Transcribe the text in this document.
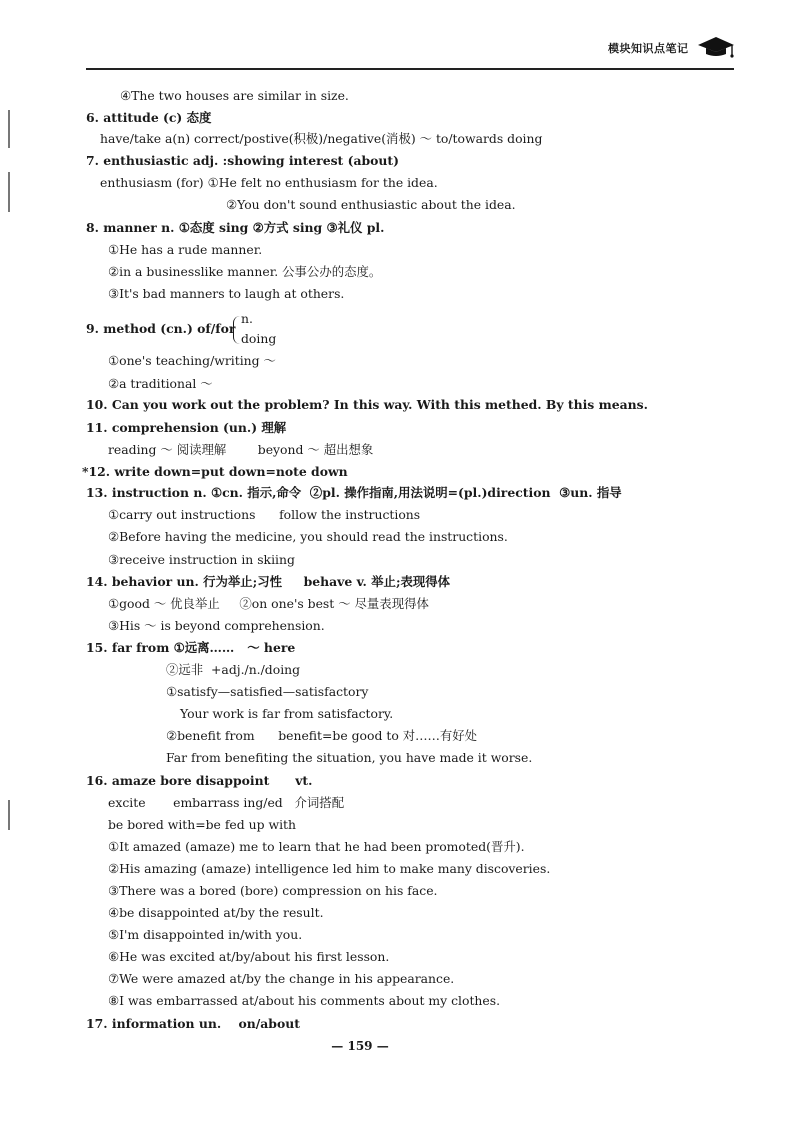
模块知识点笔记
④The two houses are similar in size.
6. attitude (c) 态度
have/take a(n) correct/postive(积极)/negative(消极) ～ to/towards doing
7. enthusiastic adj. :showing interest (about)
enthusiasm (for) ①He felt no enthusiasm for the idea.
②You don't sound enthusiastic about the idea.
8. manner n. ①态度 sing ②方式 sing ③礼仪 pl.
①He has a rude manner.
②in a businesslike manner. 公事公办的态度。
③It's bad manners to laugh at others.
n.
9. method (cn.) of/for
doing
①one's teaching/writing ～
②a traditional ～
10. Can you work out the problem? In this way. With this methed. By this means.
11. comprehension (un.) 理解
reading ～ 阅读理解        beyond ～ 超出想象
*12. write down=put down=note down
13. instruction n. ①cn. 指示,命令  ②pl. 操作指南,用法说明=(pl.)direction  ③un. 指导
①carry out instructions      follow the instructions
②Before having the medicine, you should read the instructions.
③receive instruction in skiing
14. behavior un. 行为举止;习性     behave v. 举止;表现得体
①good ～ 优良举止     ②on one's best ～ 尽量表现得体
③His ～ is beyond comprehension.
15. far from ①远离……   ～ here
②远非  +adj./n./doing
①satisfy—satisfied—satisfactory
Your work is far from satisfactory.
②benefit from      benefit=be good to 对……有好处
Far from benefiting the situation, you have made it worse.
16. amaze bore disappoint      vt.
excite       embarrass ing/ed   介词搭配
be bored with=be fed up with
①It amazed (amaze) me to learn that he had been promoted(晋升).
②His amazing (amaze) intelligence led him to make many discoveries.
③There was a bored (bore) compression on his face.
④be disappointed at/by the result.
⑤I'm disappointed in/with you.
⑥He was excited at/by/about his first lesson.
⑦We were amazed at/by the change in his appearance.
⑧I was embarrassed at/about his comments about my clothes.
17. information un.    on/about
— 159 —
